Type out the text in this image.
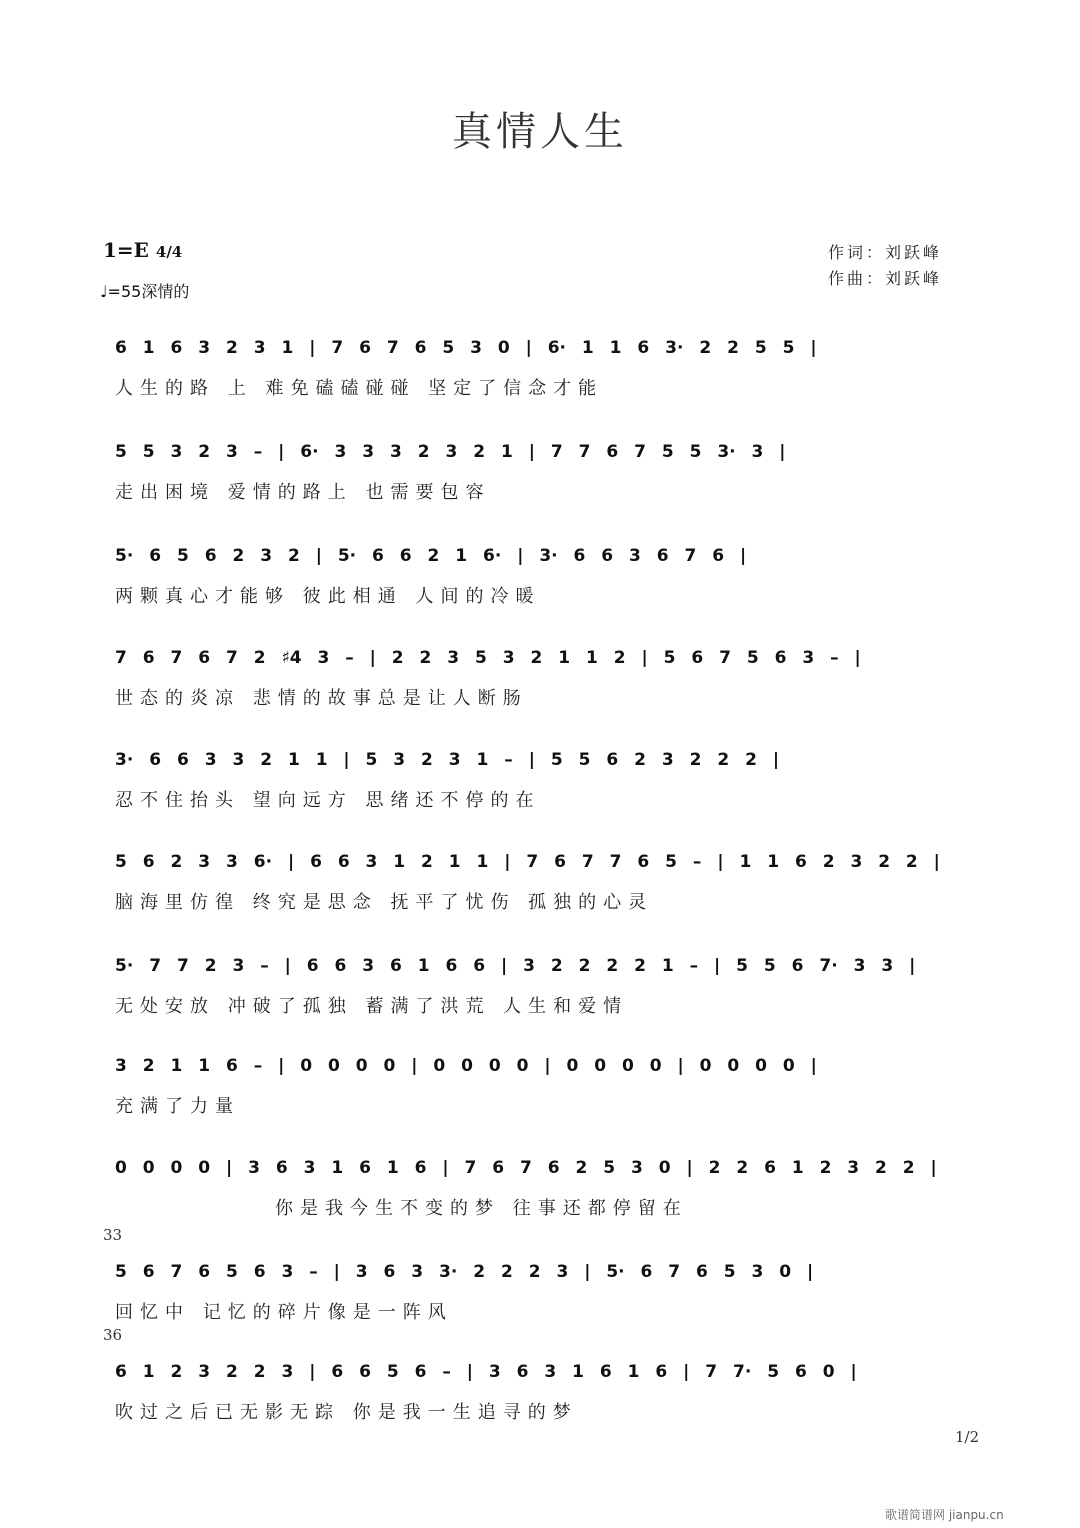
真情人生
1=E 4/4
♩=55深情的
作词：刘跃峰
作曲：刘跃峰
6 1 6 3 2 3 1 | 7 6 7 6 5 3 0 | 6· 1 1 6 3· 2 2 5 5 |
人生的路 上 难免磕磕碰碰 坚定了信念才能
5 5 3 2 3 – | 6· 3 3 3 2 3 2 1 | 7 7 6 7 5 5 3· 3 |
走出困境 爱情的路上 也需要包容
5· 6 5 6 2 3 2 | 5· 6 6 2 1 6· | 3· 6 6 3 6 7 6 |
两颗真心才能够 彼此相通 人间的冷暖
7 6 7 6 7 2 ♯4 3 – | 2 2 3 5 3 2 1 1 2 | 5 6 7 5 6 3 – |
世态的炎凉 悲情的故事总是让人断肠
3· 6 6 3 3 2 1 1 | 5 3 2 3 1 – | 5 5 6 2 3 2 2 2 |
忍不住抬头 望向远方 思绪还不停的在
5 6 2 3 3 6· | 6 6 3 1 2 1 1 | 7 6 7 7 6 5 – | 1 1 6 2 3 2 2 |
脑海里仿徨 终究是思念 抚平了忧伤 孤独的心灵
5· 7 7 2 3 – | 6 6 3 6 1 6 6 | 3 2 2 2 2 1 – | 5 5 6 7· 3 3 |
无处安放 冲破了孤独 蓄满了洪荒 人生和爱情
3 2 1 1 6 – | 0 0 0 0 | 0 0 0 0 | 0 0 0 0 | 0 0 0 0 |
充满了力量
0 0 0 0 | 3 6 3 1 6 1 6 | 7 6 7 6 2 5 3 0 | 2 2 6 1 2 3 2 2 |
你是我今生不变的梦 往事还都停留在
33
5 6 7 6 5 6 3 – | 3 6 3 3· 2 2 2 3 | 5· 6 7 6 5 3 0 |
回忆中 记忆的碎片像是一阵风
36
6 1 2 3 2 2 3 | 6 6 5 6 – | 3 6 3 1 6 1 6 | 7 7· 5 6 0 |
吹过之后已无影无踪 你是我一生追寻的梦
1/2
歌谱简谱网 jianpu.cn
